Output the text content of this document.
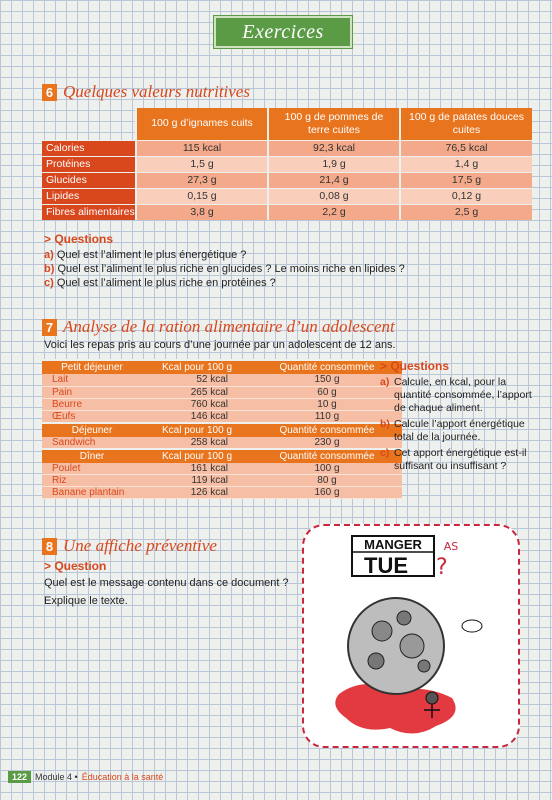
Exercices
6 Quelques valeurs nutritives
	100 g d’ignames cuits	100 g de pommes de terre cuites	100 g de patates douces cuites
Calories	115 kcal	92,3 kcal	76,5 kcal
Protéines	1,5 g	1,9 g	1,4 g
Glucides	27,3 g	21,4 g	17,5 g
Lipides	0,15 g	0,08 g	0,12 g
Fibres alimentaires	3,8 g	2,2 g	2,5 g
> Questions
a) Quel est l’aliment le plus énergétique ?
b) Quel est l’aliment le plus riche en glucides ? Le moins riche en lipides ?
c) Quel est l’aliment le plus riche en protéines ?
7 Analyse de la ration alimentaire d’un adolescent
Voici les repas pris au cours d’une journée par un adolescent de 12 ans.
Petit déjeuner	Kcal pour 100 g	Quantité consommée
Lait	52 kcal	150 g
Pain	265 kcal	60 g
Beurre	760 kcal	10 g
Œufs	146 kcal	110 g
Déjeuner	Kcal pour 100 g	Quantité consommée
Sandwich	258 kcal	230 g
Dîner	Kcal pour 100 g	Quantité consommée
Poulet	161 kcal	100 g
Riz	119 kcal	80 g
Banane plantain	126 kcal	160 g
> Questions
a) Calcule, en kcal, pour la quantité consommée, l’apport de chaque aliment.
b) Calcule l’apport énergétique total de la journée.
c) Cet apport énergétique est-il suffisant ou insuffisant ?
8 Une affiche préventive
> Question
Quel est le message contenu dans ce document ?
Explique le texte.
MANGER
TUE
AS
?
122 Module 4 • Éducation à la santé
